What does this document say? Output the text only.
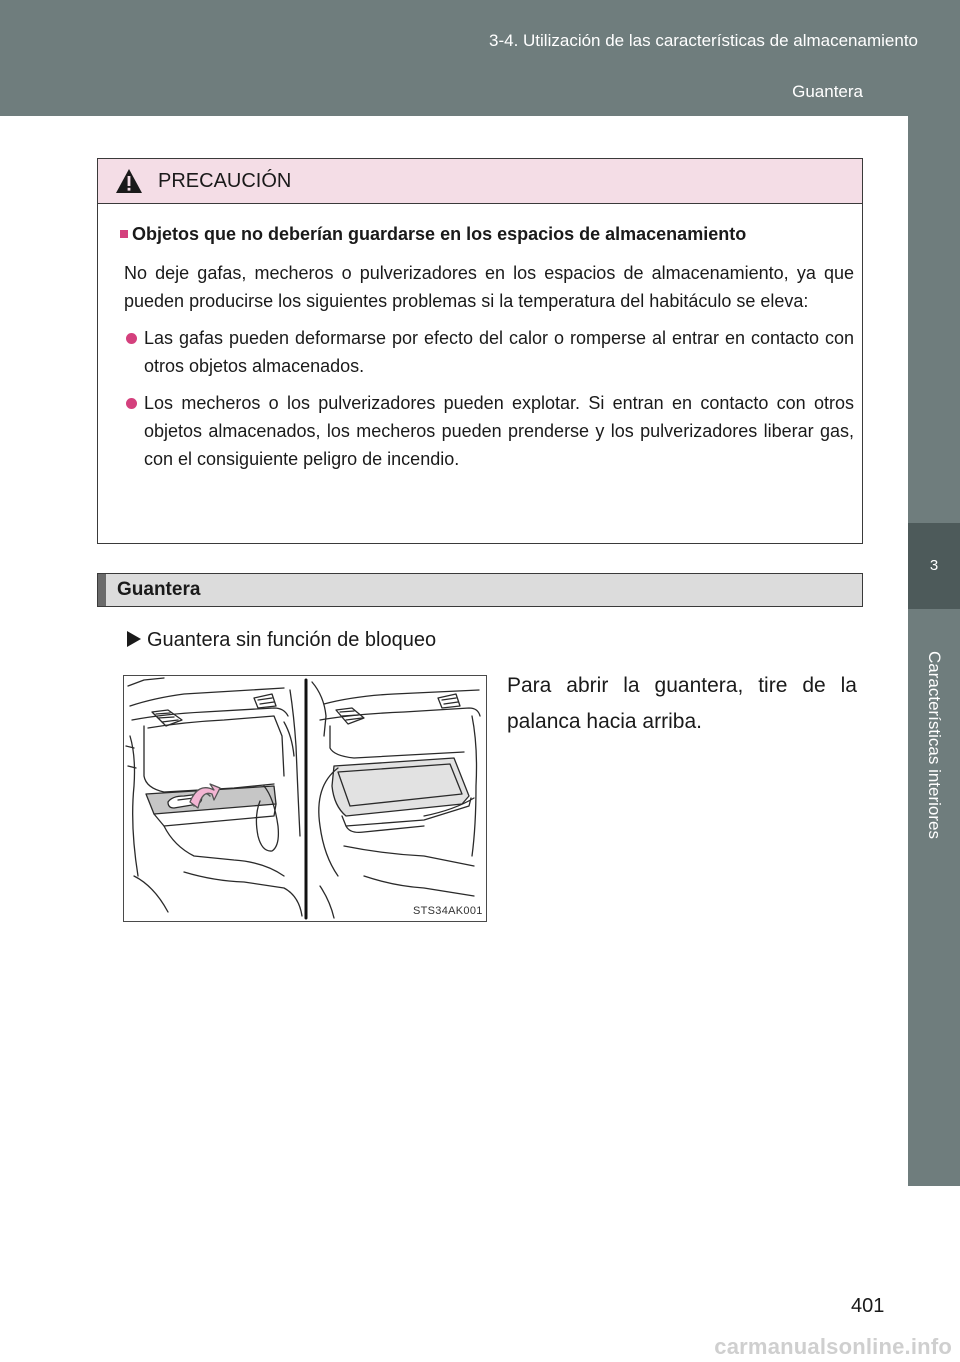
3-4. Utilización de las características de almacenamiento
Guantera
3
Características interiores
PRECAUCIÓN
Objetos que no deberían guardarse en los espacios de almacenamiento
No deje gafas, mecheros o pulverizadores en los espacios de almacenamiento, ya que pueden producirse los siguientes problemas si la temperatura del habitáculo se eleva:
Las gafas pueden deformarse por efecto del calor o romperse al entrar en contacto con otros objetos almacenados.
Los mecheros o los pulverizadores pueden explotar. Si entran en contacto con otros objetos almacenados, los mecheros pueden prenderse y los pulverizadores liberar gas, con el consiguiente peligro de incendio.
Guantera
Guantera sin función de bloqueo
STS34AK001
Para abrir la guantera, tire de la palanca hacia arriba.
401
carmanualsonline.info
